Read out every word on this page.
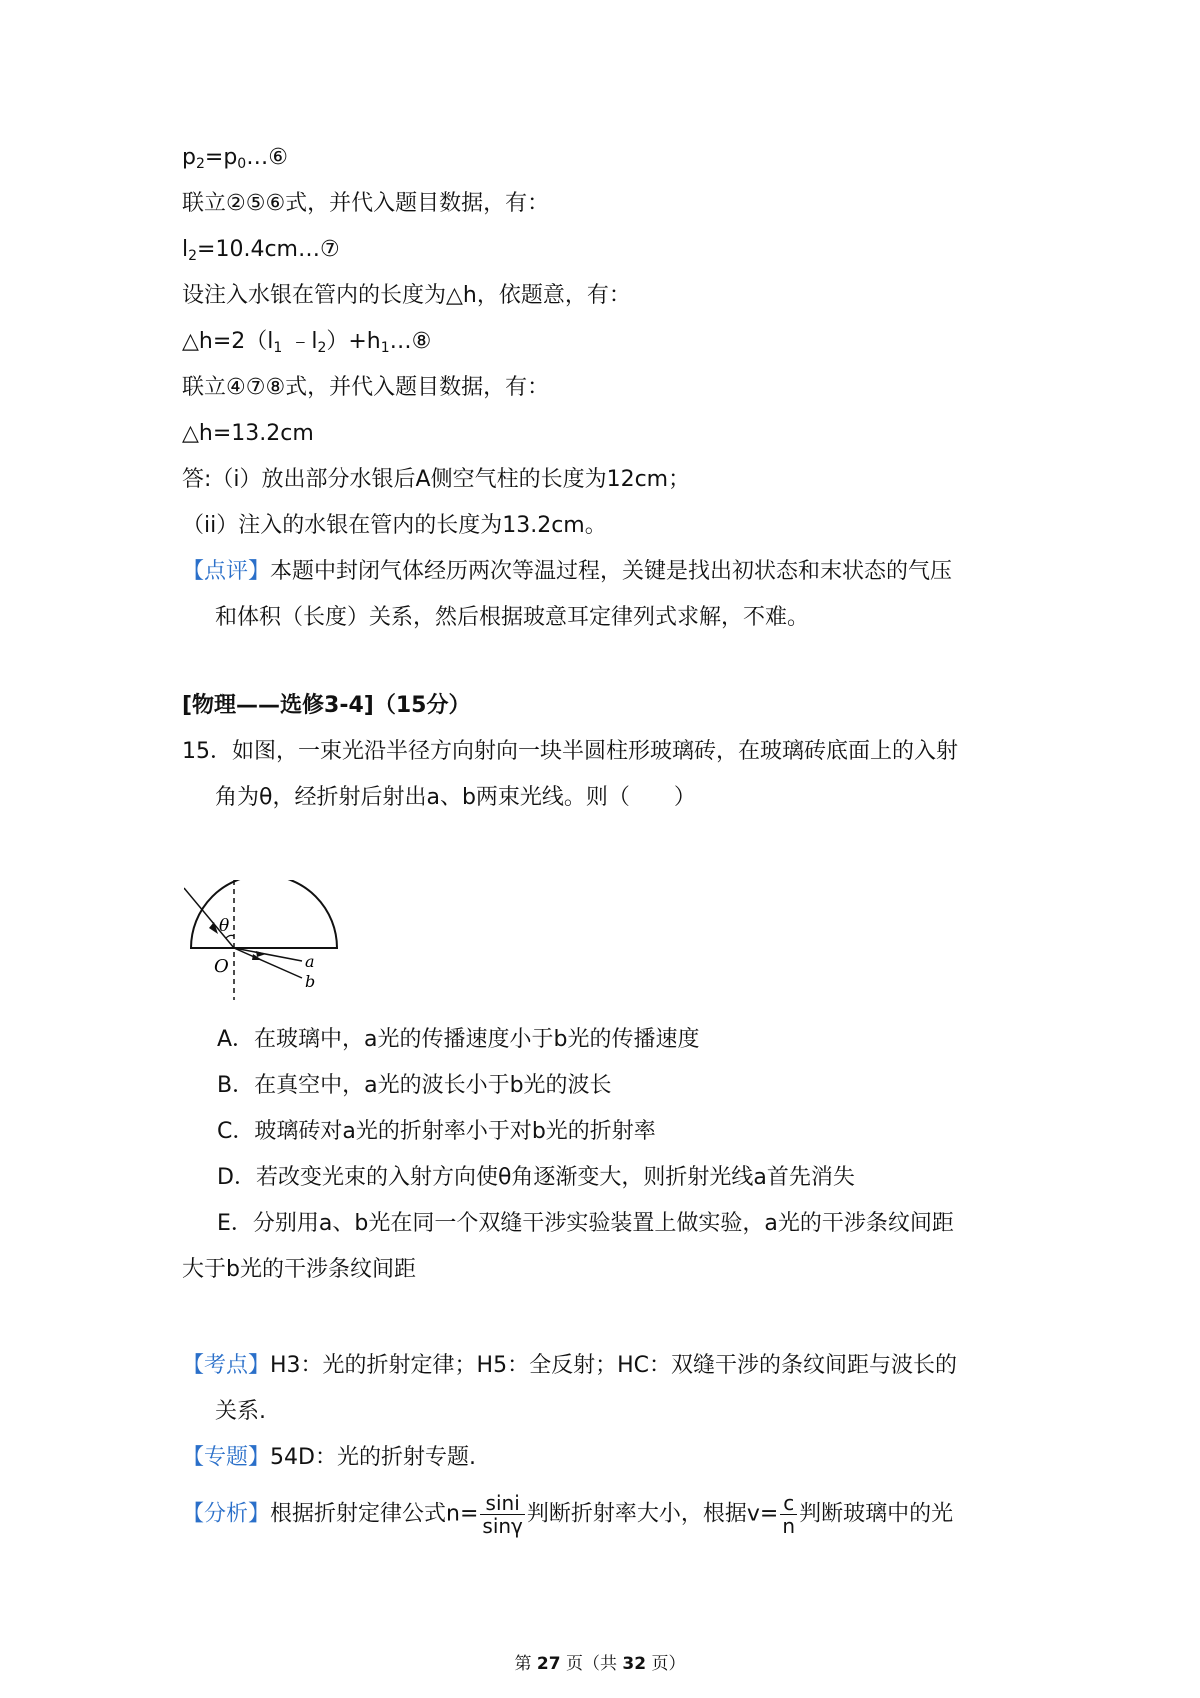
$p_2=p_0\dots ⑥$
联立②⑤⑥式，并代入题目数据，有：
$l_2=10.4cm\dots ⑦$
设注入水银在管内的长度为△h，依题意，有：
$\triangle h=2(l_1$ $﹣l_2)+h_1\dots ⑧$
联立④⑦⑧式，并代入题目数据，有：
△h=13.2cm
答:（i）放出部分水银后A侧空气柱的长度为12cm；
（ii）注入的水银在管内的长度为13.2cm。
【点评】本题中封闭气体经历两次等温过程，关键是找出初状态和末状态的气压
和体积（长度）关系，然后根据玻意耳定律列式求解，不难。
[物理——选修3-4]（15分）
15．如图，一束光沿半径方向射向一块半圆柱形玻璃砖，在玻璃砖底面上的入射
角为θ，经折射后射出a、b两束光线。则（　　）
θ
O	a
b
A．在玻璃中，a光的传播速度小于b光的传播速度
B．在真空中，a光的波长小于b光的波长
C．玻璃砖对a光的折射率小于对b光的折射率
D．若改变光束的入射方向使θ角逐渐变大，则折射光线a首先消失
E．分别用a、b光在同一个双缝干涉实验装置上做实验，a光的干涉条纹间距
大于b光的干涉条纹间距
【考点】H3：光的折射定律；H5：全反射；HC：双缝干涉的条纹间距与波长的
关系.
【专题】54D：光的折射专题.
【分析】根据折射定律公式$n= \frac{\sin i}{\sin\gamma}$ 判断折射率大小，根据$v= \frac{c}{n}$ 判断玻璃中的光
第 27 页（共 32 页）
